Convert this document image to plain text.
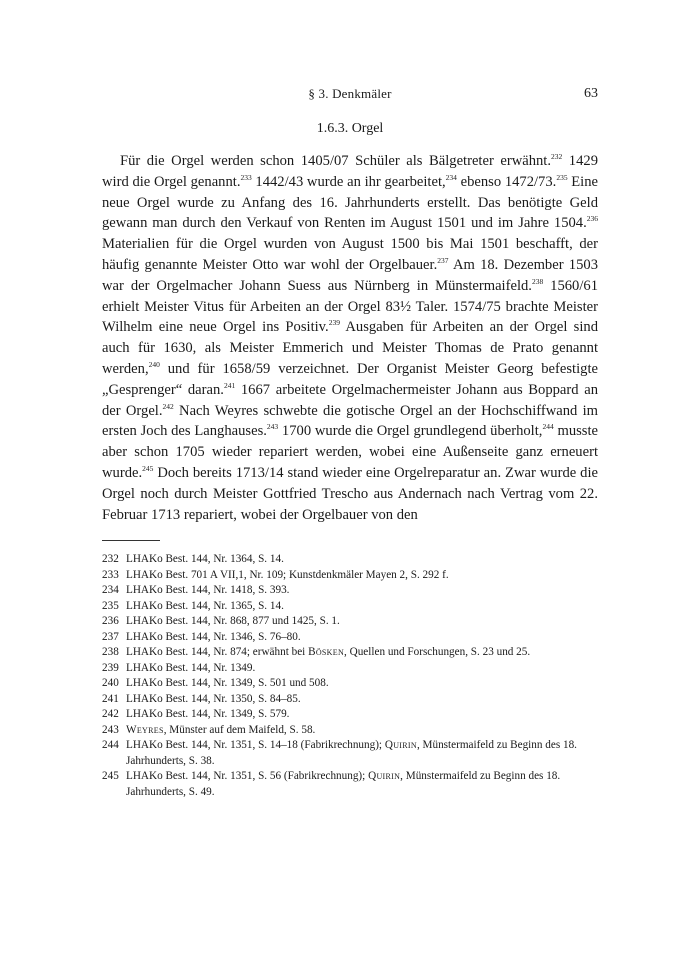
§ 3. Denkmäler	63
1.6.3. Orgel

Für die Orgel werden schon 1405/07 Schüler als Bälgetreter erwähnt.$^{232}$ 1429 wird die Orgel genannt.$^{233}$ 1442/43 wurde an ihr gearbeitet,$^{234}$ ebenso 1472/73.$^{235}$ Eine neue Orgel wurde zu Anfang des 16. Jahrhunderts erstellt. Das benötigte Geld gewann man durch den Verkauf von Renten im August 1501 und im Jahre 1504.$^{236}$ Materialien für die Orgel wurden von August 1500 bis Mai 1501 beschafft, der häufig genannte Meister Otto war wohl der Orgelbauer.$^{237}$ Am 18. Dezember 1503 war der Orgelmacher Johann Suess aus Nürnberg in Münstermaifeld.$^{238}$ 1560/61 erhielt Meister Vitus für Arbeiten an der Orgel 83½ Taler. 1574/75 brachte Meister Wilhelm eine neue Orgel ins Positiv.$^{239}$ Ausgaben für Arbeiten an der Orgel sind auch für 1630, als Meister Emmerich und Meister Thomas de Prato genannt werden,$^{240}$ und für 1658/59 verzeichnet. Der Organist Meister Georg befestigte „Gesprenger“ daran.$^{241}$ 1667 arbeitete Orgelmachermeister Johann aus Boppard an der Orgel.$^{242}$ Nach Weyres schwebte die gotische Orgel an der Hochschiffwand im ersten Joch des Langhauses.$^{243}$ 1700 wurde die Orgel grundlegend überholt,$^{244}$ musste aber schon 1705 wieder repariert werden, wobei eine Außenseite ganz erneuert wurde.$^{245}$ Doch bereits 1713/14 stand wieder eine Orgelreparatur an. Zwar wurde die Orgel noch durch Meister Gottfried Trescho aus Andernach nach Vertrag vom 22. Februar 1713 repariert, wobei der Orgelbauer von den

232 LHAKo Best. 144, Nr. 1364, S. 14.
233 LHAKo Best. 701 A VII,1, Nr. 109; Kunstdenkmäler Mayen 2, S. 292 f.
234 LHAKo Best. 144, Nr. 1418, S. 393.
235 LHAKo Best. 144, Nr. 1365, S. 14.
236 LHAKo Best. 144, Nr. 868, 877 und 1425, S. 1.
237 LHAKo Best. 144, Nr. 1346, S. 76–80.
238 LHAKo Best. 144, Nr. 874; erwähnt bei Bösken, Quellen und Forschungen, S. 23 und 25.
239 LHAKo Best. 144, Nr. 1349.
240 LHAKo Best. 144, Nr. 1349, S. 501 und 508.
241 LHAKo Best. 144, Nr. 1350, S. 84–85.
242 LHAKo Best. 144, Nr. 1349, S. 579.
243 Weyres, Münster auf dem Maifeld, S. 58.
244 LHAKo Best. 144, Nr. 1351, S. 14–18 (Fabrikrechnung); Quirin, Münstermaifeld zu Beginn des 18. Jahrhunderts, S. 38.
245 LHAKo Best. 144, Nr. 1351, S. 56 (Fabrikrechnung); Quirin, Münstermaifeld zu Beginn des 18. Jahrhunderts, S. 49.
